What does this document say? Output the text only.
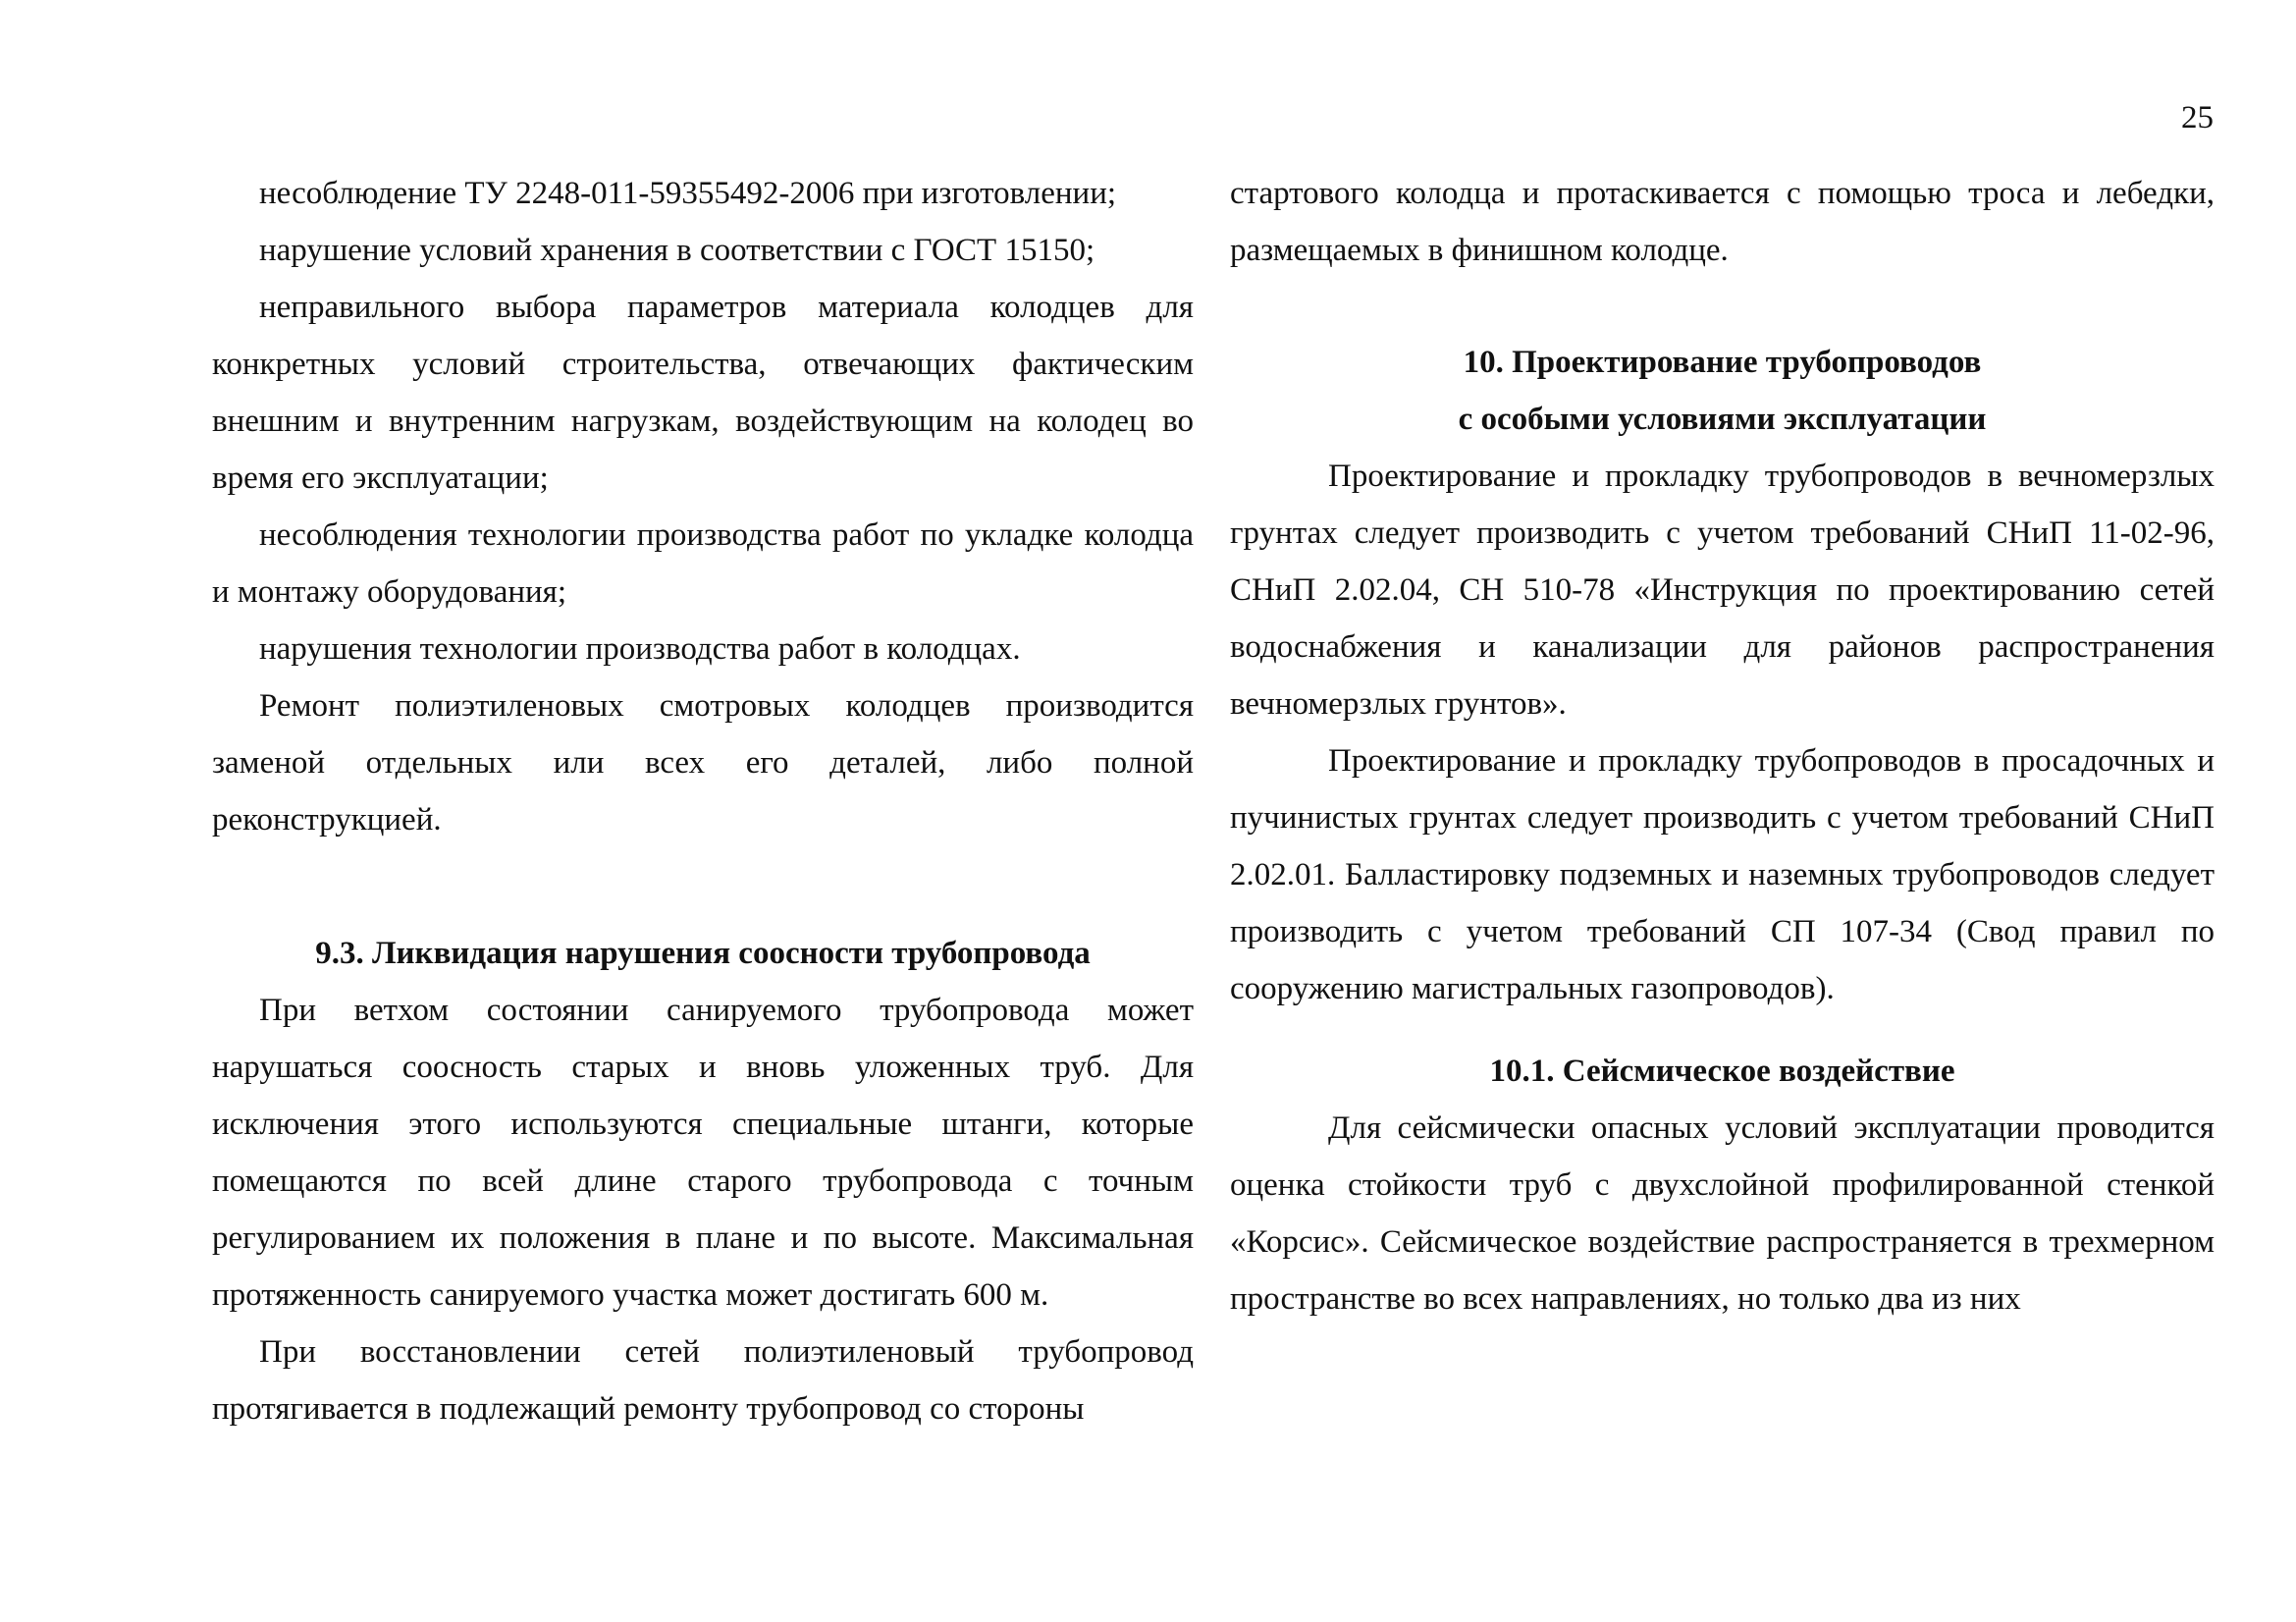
25

несоблюдение ТУ 2248-011-59355492-2006 при изготовлении;

нарушение условий хранения в соответствии с ГОСТ 15150;

неправильного выбора параметров материала колодцев для конкретных условий строительства, отвечающих фактическим внешним и внутренним нагрузкам, воздействующим на колодец во время его эксплуатации;

несоблюдения технологии производства работ по укладке колодца и монтажу оборудования;

нарушения технологии производства работ в колодцах.

Ремонт полиэтиленовых смотровых колодцев производится заменой отдельных или всех его деталей, либо полной реконструкцией.

9.3. Ликвидация нарушения соосности трубопровода

При ветхом состоянии санируемого трубопровода может нарушаться соосность старых и вновь уложенных труб. Для исключения этого используются специальные штанги, которые помещаются по всей длине старого трубопровода с точным регулированием их положения в плане и по высоте. Максимальная протяженность санируемого участка может достигать 600 м.

При восстановлении сетей полиэтиленовый трубопровод протягивается в подлежащий ремонту трубопровод со стороны

стартового колодца и протаскивается с помощью троса и лебедки, размещаемых в финишном колодце.

10. Проектирование трубопроводов

с особыми условиями эксплуатации

Проектирование и прокладку трубопроводов в вечномерзлых грунтах следует производить с учетом требований СНиП 11-02-96, СНиП 2.02.04, СН 510-78 «Инструкция по проектированию сетей водоснабжения и канализации для районов распространения вечномерзлых грунтов».

Проектирование и прокладку трубопроводов в просадочных и пучинистых грунтах следует производить с учетом требований СНиП 2.02.01. Балластировку подземных и наземных трубопроводов следует производить с учетом требований СП 107-34 (Свод правил по сооружению магистральных газопроводов).

10.1. Сейсмическое воздействие

Для сейсмически опасных условий эксплуатации проводится оценка стойкости труб с двухслойной профилированной стенкой «Корсис». Сейсмическое воздействие распространяется в трехмерном пространстве во всех направлениях, но только два из них
